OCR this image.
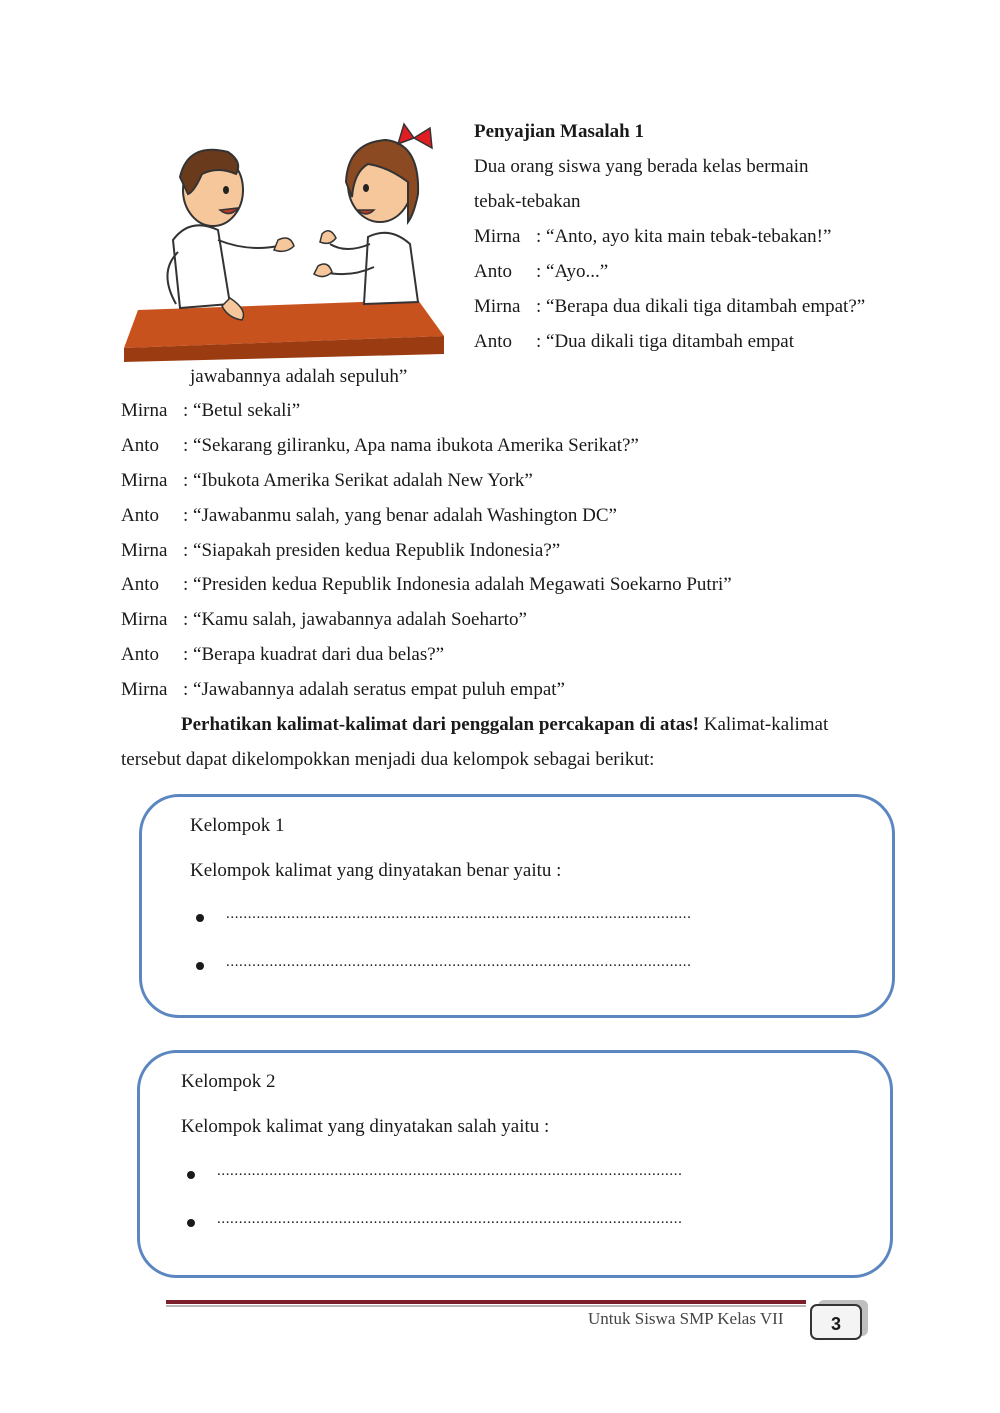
Penyajian Masalah 1
Dua orang siswa yang berada kelas bermain
tebak-tebakan
Mirna : “Anto, ayo kita main tebak-tebakan!”
Anto : “Ayo...”
Mirna : “Berapa dua dikali tiga ditambah empat?”
Anto : “Dua dikali tiga ditambah empat
jawabannya adalah sepuluh”
Mirna : “Betul sekali”
Anto : “Sekarang giliranku, Apa nama ibukota Amerika Serikat?”
Mirna : “Ibukota Amerika Serikat adalah New York”
Anto : “Jawabanmu salah, yang benar adalah Washington DC”
Mirna : “Siapakah presiden kedua Republik Indonesia?”
Anto : “Presiden kedua Republik Indonesia adalah Megawati Soekarno Putri”
Mirna : “Kamu salah, jawabannya adalah Soeharto”
Anto : “Berapa kuadrat dari dua belas?”
Mirna : “Jawabannya adalah seratus empat puluh empat”
Perhatikan kalimat-kalimat dari penggalan percakapan di atas! Kalimat-kalimat
tersebut dapat dikelompokkan menjadi dua kelompok sebagai berikut:
Kelompok 1
Kelompok kalimat yang dinyatakan benar yaitu :
...........................................................................................................
...........................................................................................................
Kelompok 2
Kelompok kalimat yang dinyatakan salah yaitu :
...........................................................................................................
...........................................................................................................
Untuk Siswa SMP Kelas VII	3
